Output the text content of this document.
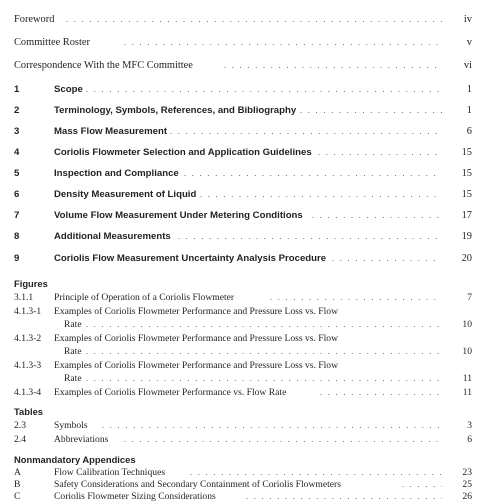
Foreword . . .	iv
Committee Roster . . .	v
Correspondence With the MFC Committee . . .	vi
1	Scope . . .	1
2	Terminology, Symbols, References, and Bibliography . . .	1
3	Mass Flow Measurement . . .	6
4	Coriolis Flowmeter Selection and Application Guidelines . . .	15
5	Inspection and Compliance . . .	15
6	Density Measurement of Liquid . . .	15
7	Volume Flow Measurement Under Metering Conditions . . .	17
8	Additional Measurements . . .	19
9	Coriolis Flow Measurement Uncertainty Analysis Procedure . . .	20
Figures
3.1.1 Principle of Operation of a Coriolis Flowmeter . . .	7
4.1.3-1 Examples of Coriolis Flowmeter Performance and Pressure Loss vs. Flow
Rate . . .	10
4.1.3-2 Examples of Coriolis Flowmeter Performance and Pressure Loss vs. Flow
Rate . . .	10
4.1.3-3 Examples of Coriolis Flowmeter Performance and Pressure Loss vs. Flow
Rate . . .	11
4.1.3-4 Examples of Coriolis Flowmeter Performance vs. Flow Rate . . .	11
Tables
2.3	Symbols . . .	3
2.4	Abbreviations . . .	6
Nonmandatory Appendices
A	Flow Calibration Techniques . . .	23
B	Safety Considerations and Secondary Containment of Coriolis Flowmeters . . .	25
C	Coriolis Flowmeter Sizing Considerations . . .	26
